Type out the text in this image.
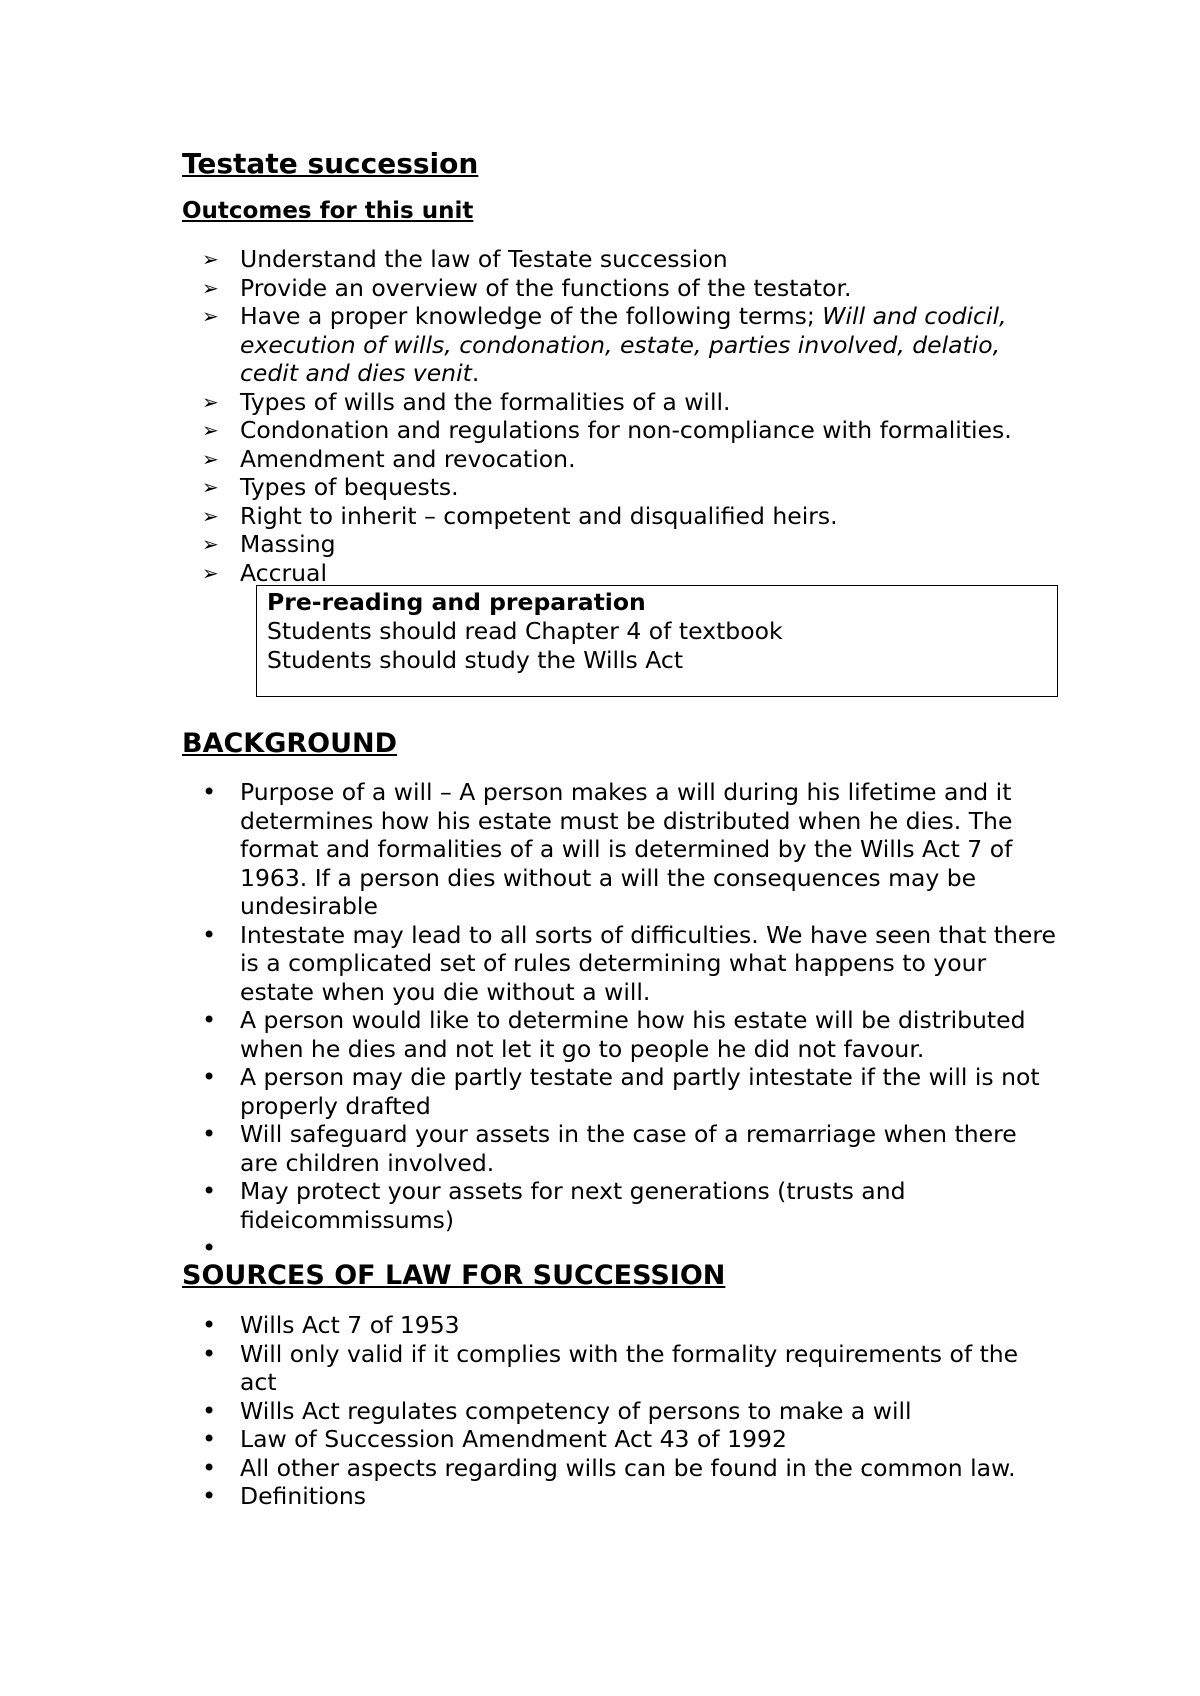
Testate succession
Outcomes for this unit
➢ Understand the law of Testate succession
➢ Provide an overview of the functions of the testator.
➢ Have a proper knowledge of the following terms; Will and codicil, execution of wills, condonation, estate, parties involved, delatio, cedit and dies venit.
➢ Types of wills and the formalities of a will.
➢ Condonation and regulations for non-compliance with formalities.
➢ Amendment and revocation.
➢ Types of bequests.
➢ Right to inherit – competent and disqualified heirs.
➢ Massing
➢ Accrual
Pre-reading and preparation
Students should read Chapter 4 of textbook
Students should study the Wills Act
BACKGROUND
• Purpose of a will – A person makes a will during his lifetime and it determines how his estate must be distributed when he dies. The format and formalities of a will is determined by the Wills Act 7 of 1963. If a person dies without a will the consequences may be undesirable
• Intestate may lead to all sorts of difficulties. We have seen that there is a complicated set of rules determining what happens to your estate when you die without a will.
• A person would like to determine how his estate will be distributed when he dies and not let it go to people he did not favour.
• A person may die partly testate and partly intestate if the will is not properly drafted
• Will safeguard your assets in the case of a remarriage when there are children involved.
• May protect your assets for next generations (trusts and fideicommissums)
•
SOURCES OF LAW FOR SUCCESSION
• Wills Act 7 of 1953
• Will only valid if it complies with the formality requirements of the act
• Wills Act regulates competency of persons to make a will
• Law of Succession Amendment Act 43 of 1992
• All other aspects regarding wills can be found in the common law.
• Definitions
